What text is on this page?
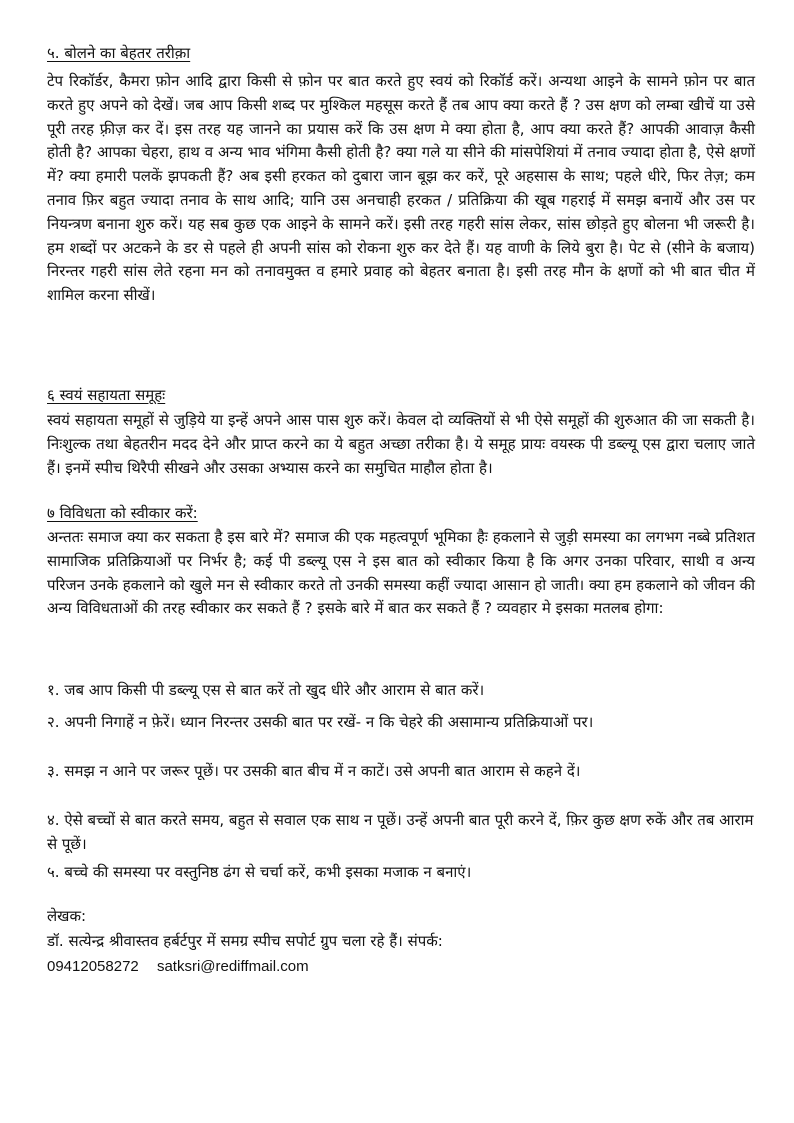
५. बोलने का बेहतर तरीक़ा

टेप रिकॉर्डर, कैमरा फ़ोन आदि द्वारा किसी से फ़ोन पर बात करते हुए स्वयं को रिकॉर्ड करें। अन्यथा आइने के सामने फ़ोन पर बात करते हुए अपने को देखें। जब आप किसी शब्द पर मुश्किल महसूस करते हैं तब आप क्या करते हैं ? उस क्षण को लम्बा खीचें या उसे पूरी तरह फ़्रीज़ कर दें। इस तरह यह जानने का प्रयास करें कि उस क्षण मे क्या होता है, आप क्या करते हैं? आपकी आवाज़ कैसी होती है? आपका चेहरा, हाथ व अन्य भाव भंगिमा कैसी होती है? क्या गले या सीने की मांसपेशियां में तनाव ज्यादा होता है, ऐसे क्षणों में? क्या हमारी पलकें झपकती हैं? अब इसी हरकत को दुबारा जान बूझ कर करें, पूरे अहसास के साथ; पहले धीरे, फिर तेज़; कम तनाव फ़िर बहुत ज्यादा तनाव के साथ आदि; यानि उस अनचाही हरकत / प्रतिक्रिया की खूब गहराई में समझ बनायें और उस पर नियन्त्रण बनाना शुरु करें। यह सब कुछ एक आइने के सामने करें। इसी तरह गहरी सांस लेकर, सांस छोड़ते हुए बोलना भी जरूरी है। हम शब्दों पर अटकने के डर से पहले ही अपनी सांस को रोकना शुरु कर देते हैं। यह वाणी के लिये बुरा है। पेट से (सीने के बजाय) निरन्तर गहरी सांस लेते रहना मन को तनावमुक्त व हमारे प्रवाह को बेहतर बनाता है। इसी तरह मौन के क्षणों को भी बात चीत में शामिल करना सीखें।

६ स्वयं सहायता समूहः

स्वयं सहायता समूहों से जुड़िये या इन्हें अपने आस पास शुरु करें। केवल दो व्यक्तियों से भी ऐसे समूहों की शुरुआत की जा सकती है। निःशुल्क तथा बेहतरीन मदद देने और प्राप्त करने का ये बहुत अच्छा तरीका है। ये समूह प्रायः वयस्क पी डब्ल्यू एस द्वारा चलाए जाते हैं। इनमें स्पीच थिरैपी सीखने और उसका अभ्यास करने का समुचित माहौल होता है।

७ विविधता को स्वीकार करें:

अन्ततः समाज क्या कर सकता है इस बारे में? समाज की एक महत्वपूर्ण भूमिका हैः हकलाने से जुड़ी समस्या का लगभग नब्बे प्रतिशत सामाजिक प्रतिक्रियाओं पर निर्भर है; कई पी डब्ल्यू एस ने इस बात को स्वीकार किया है कि अगर उनका परिवार, साथी व अन्य परिजन उनके हकलाने को खुले मन से स्वीकार करते तो उनकी समस्या कहीं ज्यादा आसान हो जाती। क्या हम हकलाने को जीवन की अन्य विविधताओं की तरह स्वीकार कर सकते हैं ? इसके बारे में बात कर सकते हैं ? व्यवहार मे इसका मतलब होगा:

१. जब आप किसी पी डब्ल्यू एस से बात करें तो खुद धीरे और आराम से बात करें।

२. अपनी निगाहें न फ़ेरें। ध्यान निरन्तर उसकी बात पर रखें- न कि चेहरे की असामान्य प्रतिक्रियाओं पर।

३. समझ न आने पर जरूर पूछें। पर उसकी बात बीच में न काटें। उसे अपनी बात आराम से कहने दें।

४. ऐसे बच्चों से बात करते समय, बहुत से सवाल एक साथ न पूछें। उन्हें अपनी बात पूरी करने दें, फ़िर कुछ क्षण रुकें और तब आराम से पूछें।

५. बच्चे की समस्या पर वस्तुनिष्ठ ढंग से चर्चा करें, कभी इसका मजाक न बनाएं।

लेखक:

डॉ. सत्येन्द्र श्रीवास्तव हर्बर्टपुर में समग्र स्पीच सपोर्ट ग्रुप चला रहे हैं। संपर्क:

09412058272 satksri@rediffmail.com
